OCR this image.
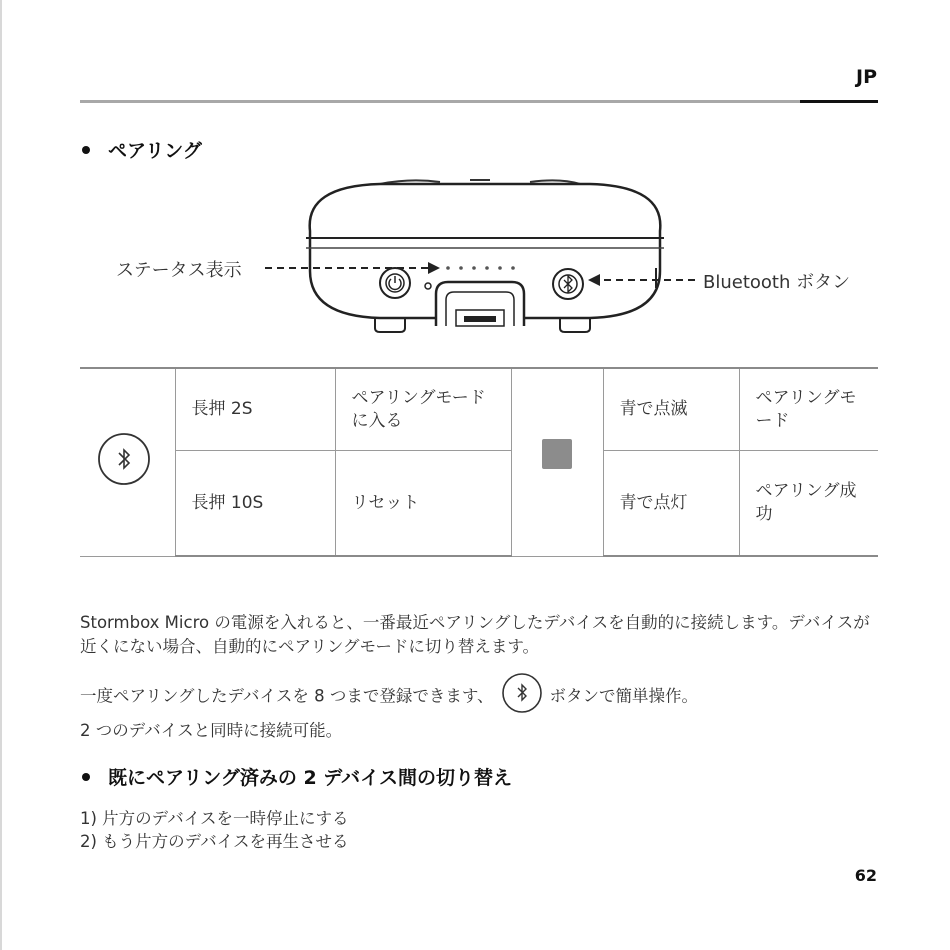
JP
ペアリング
ステータス表示
Bluetooth ボタン
	長押 2S	ペアリングモードに入る		青で点滅	ペアリングモード
	長押 10S	リセット		青で点灯	ペアリング成功
Stormbox Micro の電源を入れると、一番最近ペアリングしたデバイスを自動的に接続します。デバイスが近くにない場合、自動的にペアリングモードに切り替えます。
一度ペアリングしたデバイスを 8 つまで登録できます、	ボタンで簡単操作。
2 つのデバイスと同時に接続可能。
既にペアリング済みの 2 デバイス間の切り替え
1) 片方のデバイスを一時停止にする
2) もう片方のデバイスを再生させる
62
